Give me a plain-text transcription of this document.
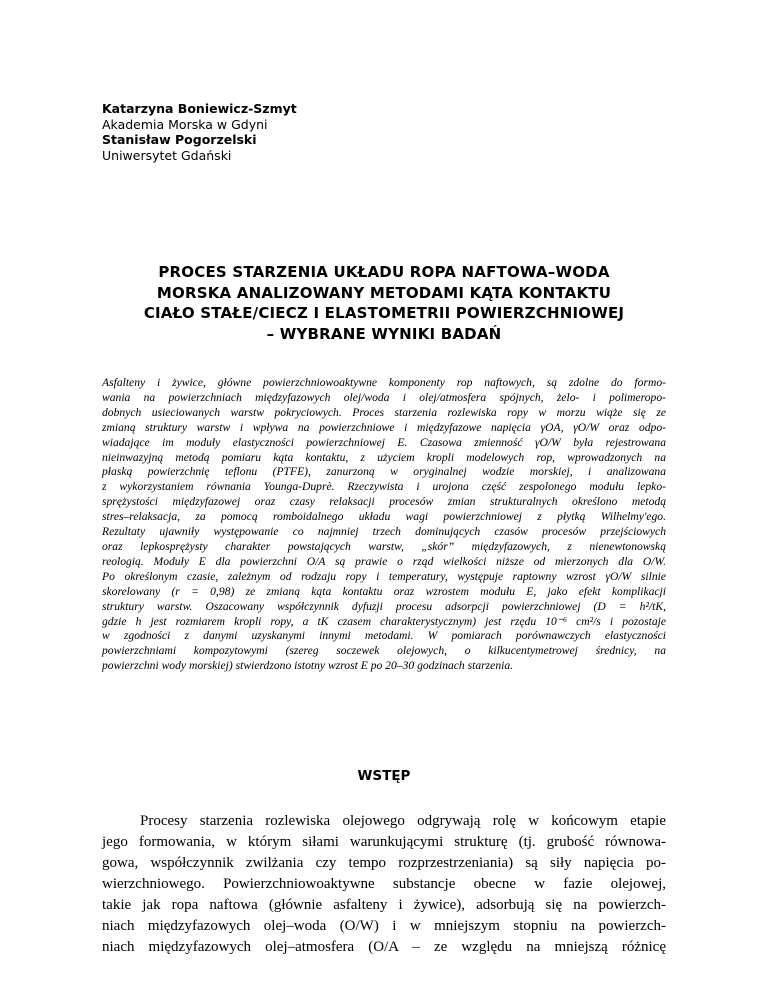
Katarzyna Boniewicz-Szmyt
Akademia Morska w Gdyni
Stanisław Pogorzelski
Uniwersytet Gdański
PROCES STARZENIA UKŁADU ROPA NAFTOWA–WODA
MORSKA ANALIZOWANY METODAMI KĄTA KONTAKTU
CIAŁO STAŁE/CIECZ I ELASTOMETRII POWIERZCHNIOWEJ
– WYBRANE WYNIKI BADAŃ
Asfalteny i żywice, główne powierzchniowoaktywne komponenty rop naftowych, są zdolne do formo-
wania na powierzchniach międzyfazowych olej/woda i olej/atmosfera spójnych, żelo- i polimeropo-
dobnych usieciowanych warstw pokryciowych. Proces starzenia rozlewiska ropy w morzu wiąże się ze
zmianą struktury warstw i wpływa na powierzchniowe i międzyfazowe napięcia γOA, γO/W oraz odpo-
wiadające im moduły elastyczności powierzchniowej E. Czasowa zmienność γO/W była rejestrowana
nieinwazyjną metodą pomiaru kąta kontaktu, z użyciem kropli modelowych rop, wprowadzonych na
płaską powierzchnię teflonu (PTFE), zanurzoną w oryginalnej wodzie morskiej, i analizowana
z wykorzystaniem równania Younga-Duprè. Rzeczywista i urojona część zespolonego modułu lepko-
sprężystości międzyfazowej oraz czasy relaksacji procesów zmian strukturalnych określono metodą
stres–relaksacja, za pomocą romboidalnego układu wagi powierzchniowej z płytką Wilhelmy'ego.
Rezultaty ujawniły występowanie co najmniej trzech dominujących czasów procesów przejściowych
oraz lepkosprężysty charakter powstających warstw, „skór” międzyfazowych, z nienewtonowską
reologią. Moduły E dla powierzchni O/A są prawie o rząd wielkości niższe od mierzonych dla O/W.
Po określonym czasie, zależnym od rodzaju ropy i temperatury, występuje raptowny wzrost γO/W silnie
skorelowany (r = 0,98) ze zmianą kąta kontaktu oraz wzrostem modułu E, jako efekt komplikacji
struktury warstw. Oszacowany współczynnik dyfuzji procesu adsorpcji powierzchniowej (D = h²/tK,
gdzie h jest rozmiarem kropli ropy, a tK czasem charakterystycznym) jest rzędu 10⁻⁶ cm²/s i pozostaje
w zgodności z danymi uzyskanymi innymi metodami. W pomiarach porównawczych elastyczności
powierzchniami kompozytowymi (szereg soczewek olejowych, o kilkucentymetrowej średnicy, na
powierzchni wody morskiej) stwierdzono istotny wzrost E po 20–30 godzinach starzenia.
WSTĘP
Procesy starzenia rozlewiska olejowego odgrywają rolę w końcowym etapie
jego formowania, w którym siłami warunkującymi strukturę (tj. grubość równowa-
gowa, współczynnik zwilżania czy tempo rozprzestrzeniania) są siły napięcia po-
wierzchniowego. Powierzchniowoaktywne substancje obecne w fazie olejowej,
takie jak ropa naftowa (głównie asfalteny i żywice), adsorbują się na powierzch-
niach międzyfazowych olej–woda (O/W) i w mniejszym stopniu na powierzch-
niach międzyfazowych olej–atmosfera (O/A – ze względu na mniejszą różnicę
